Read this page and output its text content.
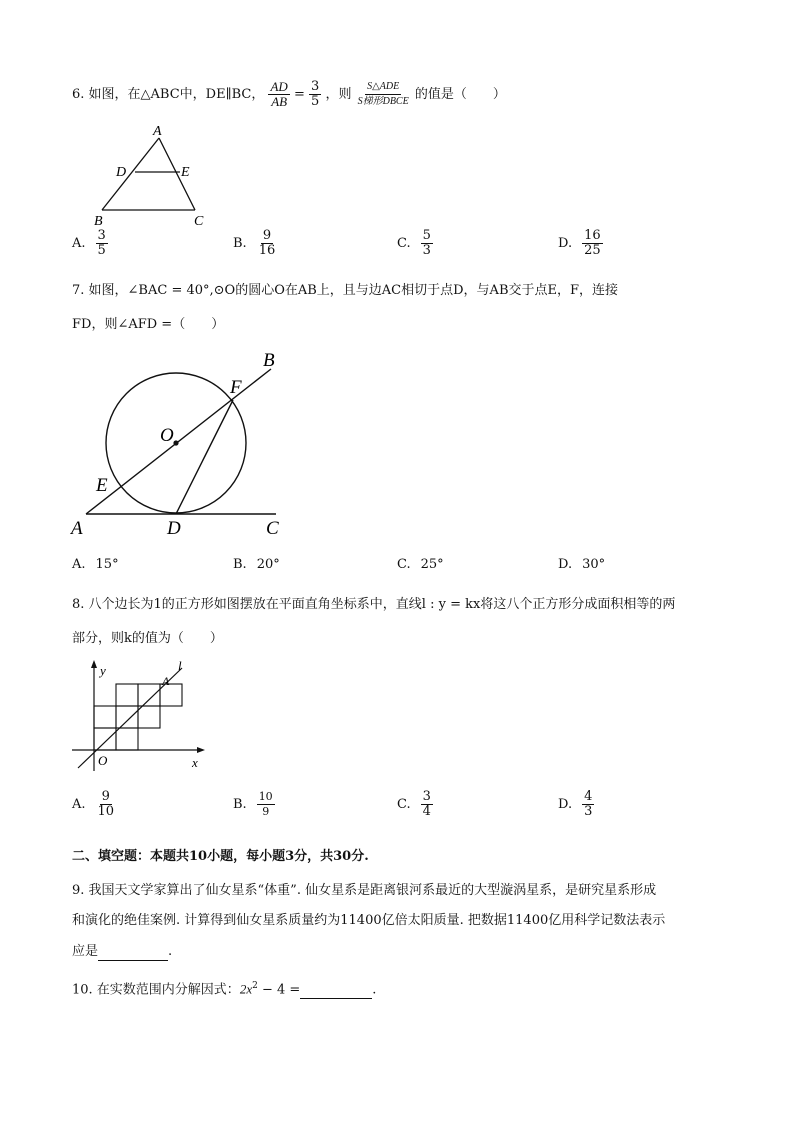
6. 如图，在△ABC中，DE∥BC， $\frac{AD}{AB} = \frac{3}{5}$ ，则 $\frac{\text{S△ADE}}{\text{S梯形DBCE}}$ 的值是（　　）
A
D	E
B	C
A. $\frac{3}{5}$	B. $\frac{9}{16}$	C. $\frac{5}{3}$	D. $\frac{16}{25}$
7. 如图，∠BAC = 40°,⊙O的圆心O在AB上，且与边AC相切于点D，与AB交于点E，F，连接
FD，则∠AFD =（　　）
B
F
O
E
A	D	C
A. 15°	B. 20°	C. 25°	D. 30°
8. 八个边长为1的正方形如图摆放在平面直角坐标系中，直线l : y = kx将这八个正方形分成面积相等的两
部分，则k的值为（　　）
y
x
O
l
A
A. $\frac{9}{10}$	B. $\frac{10}{9}$	C. $\frac{3}{4}$	D. $\frac{4}{3}$
二、填空题：本题共10小题，每小题3分，共30分.
9. 我国天文学家算出了仙女星系“体重”. 仙女星系是距离银河系最近的大型漩涡星系，是研究星系形成
和演化的绝佳案例. 计算得到仙女星系质量约为11400亿倍太阳质量. 把数据11400亿用科学记数法表示
应是	.
10. 在实数范围内分解因式：$2x^2 - 4$ =	.
